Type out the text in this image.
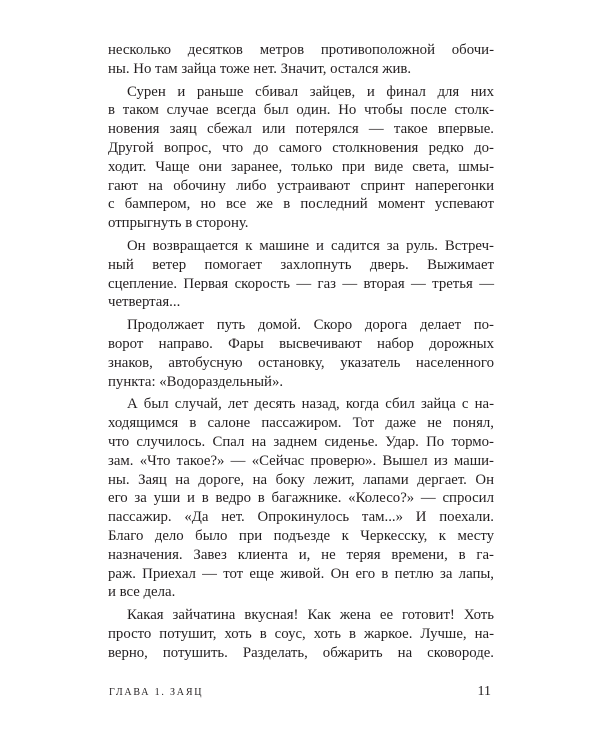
несколько десятков метров противоположной обочи-
ны. Но там зайца тоже нет. Значит, остался жив.
Сурен и раньше сбивал зайцев, и финал для них
в таком случае всегда был один. Но чтобы после столк-
новения заяц сбежал или потерялся — такое впервые.
Другой вопрос, что до самого столкновения редко до-
ходит. Чаще они заранее, только при виде света, шмы-
гают на обочину либо устраивают спринт наперегонки
с бампером, но все же в последний момент успевают
отпрыгнуть в сторону.
Он возвращается к машине и садится за руль. Встреч-
ный ветер помогает захлопнуть дверь. Выжимает
сцепление. Первая скорость — газ — вторая — третья —
четвертая...
Продолжает путь домой. Скоро дорога делает по-
ворот направо. Фары высвечивают набор дорожных
знаков, автобусную остановку, указатель населенного
пункта: «Водораздельный».
А был случай, лет десять назад, когда сбил зайца с на-
ходящимся в салоне пассажиром. Тот даже не понял,
что случилось. Спал на заднем сиденье. Удар. По тормо-
зам. «Что такое?» — «Сейчас проверю». Вышел из маши-
ны. Заяц на дороге, на боку лежит, лапами дергает. Он
его за уши и в ведро в багажнике. «Колесо?» — спросил
пассажир. «Да нет. Опрокинулось там...» И поехали.
Благо дело было при подъезде к Черкесску, к месту
назначения. Завез клиента и, не теряя времени, в га-
раж. Приехал — тот еще живой. Он его в петлю за лапы,
и все дела.
Какая зайчатина вкусная! Как жена ее готовит! Хоть
просто потушит, хоть в соус, хоть в жаркое. Лучше, на-
верно, потушить. Разделать, обжарить на сковороде.
ГЛАВА 1. ЗАЯЦ	11
